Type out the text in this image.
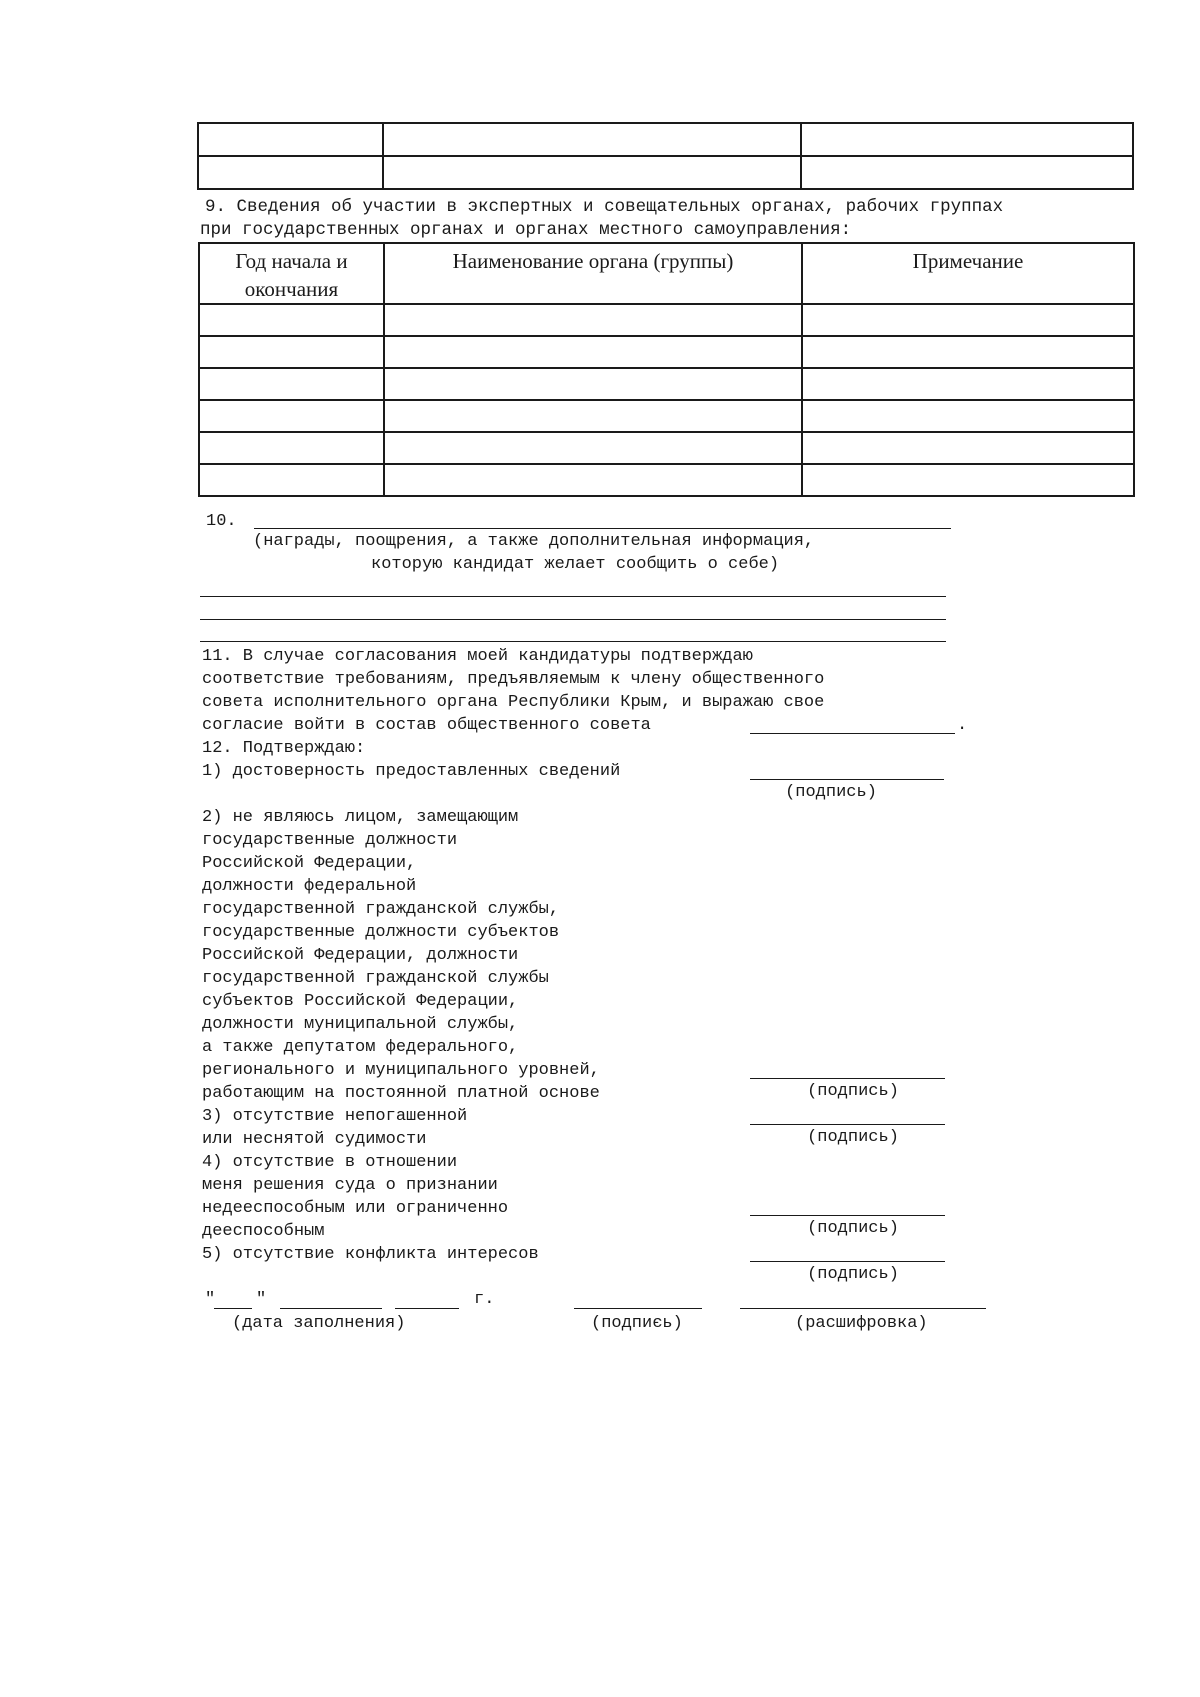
9. Сведения об участии в экспертных и совещательных органах, рабочих группах
при государственных органах и органах местного самоуправления:
Год начала и окончания	Наименование органа (группы)	Примечание

10.
(награды, поощрения, а также дополнительная информация,
которую кандидат желает сообщить о себе)
11. В случае согласования моей кандидатуры подтверждаю
соответствие требованиям, предъявляемым к члену общественного
совета исполнительного органа Республики Крым, и выражаю свое
согласие войти в состав общественного совета	.
12. Подтверждаю:
1) достоверность предоставленных сведений
(подпись)
2) не являюсь лицом, замещающим
государственные должности
Российской Федерации,
должности федеральной
государственной гражданской службы,
государственные должности субъектов
Российской Федерации, должности
государственной гражданской службы
субъектов Российской Федерации,
должности муниципальной службы,
а также депутатом федерального,
регионального и муниципального уровней,
работающим на постоянной платной основе	(подпись)
3) отсутствие непогашенной
или неснятой судимости	(подпись)
4) отсутствие в отношении
меня решения суда о признании
недееспособным или ограниченно
дееспособным	(подпись)
5) отсутствие конфликта интересов
(подпись)
" "	г.
(дата заполнения)	(подпиєь)	(расшифровка)
